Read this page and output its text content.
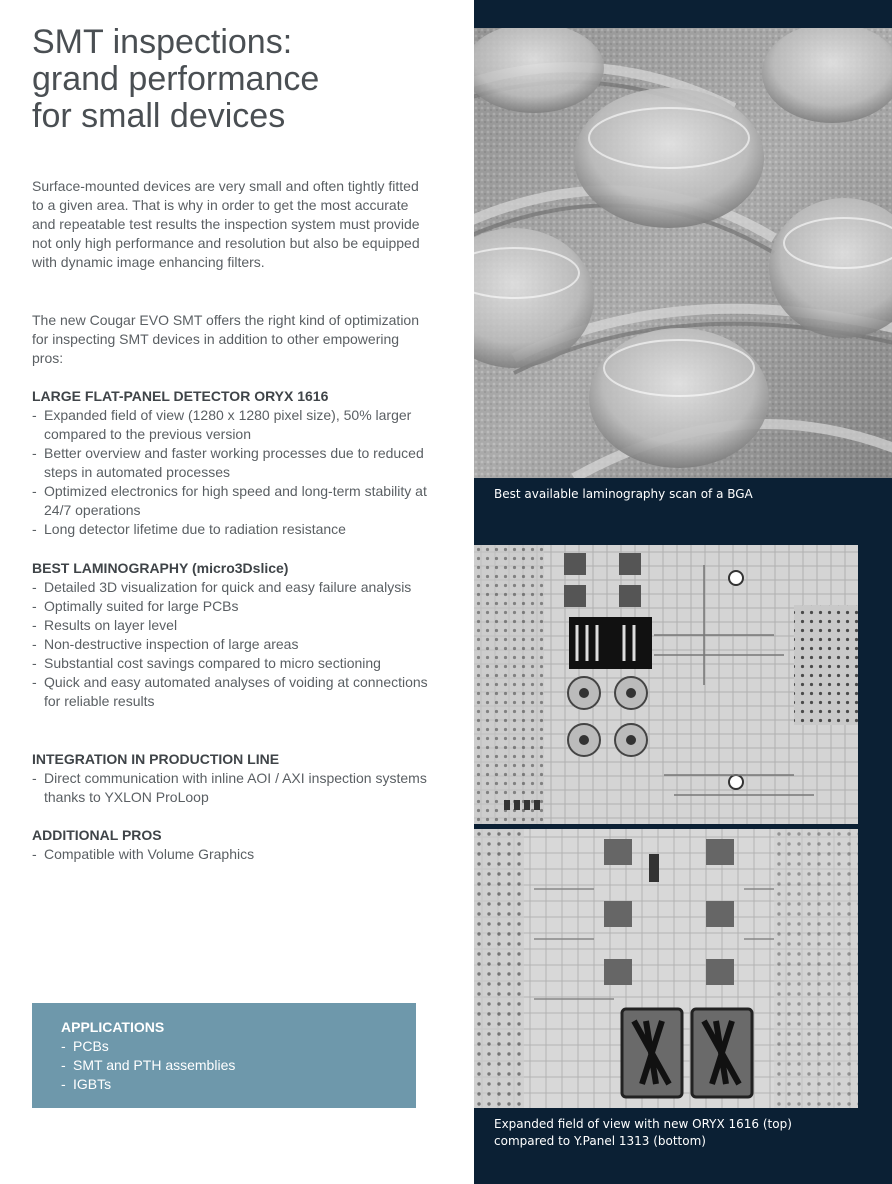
SMT inspections:
grand performance
for small devices

Surface-mounted devices are very small and often tightly fitted to a given area. That is why in order to get the most accurate and repeatable test results the inspection system must provide not only high performance and resolution but also be equipped with dynamic image enhancing filters.

The new Cougar EVO SMT offers the right kind of optimization for inspecting SMT devices in addition to other empowering pros:

LARGE FLAT-PANEL DETECTOR ORYX 1616

- Expanded field of view (1280 x 1280 pixel size), 50% larger compared to the previous version
- Better overview and faster working processes due to reduced steps in automated processes
- Optimized electronics for high speed and long-term stability at 24/7 operations
- Long detector lifetime due to radiation resistance

BEST LAMINOGRAPHY (micro3Dslice)

- Detailed 3D visualization for quick and easy failure analysis
- Optimally suited for large PCBs
- Results on layer level
- Non-destructive inspection of large areas
- Substantial cost savings compared to micro sectioning
- Quick and easy automated analyses of voiding at connections for reliable results

INTEGRATION IN PRODUCTION LINE

- Direct communication with inline AOI / AXI inspection systems thanks to YXLON ProLoop

ADDITIONAL PROS

- Compatible with Volume Graphics

APPLICATIONS

- PCBs
- SMT and PTH assemblies
- IGBTs

Best available laminography scan of a BGA

Expanded field of view with new ORYX 1616 (top) compared to Y.Panel 1313 (bottom)
